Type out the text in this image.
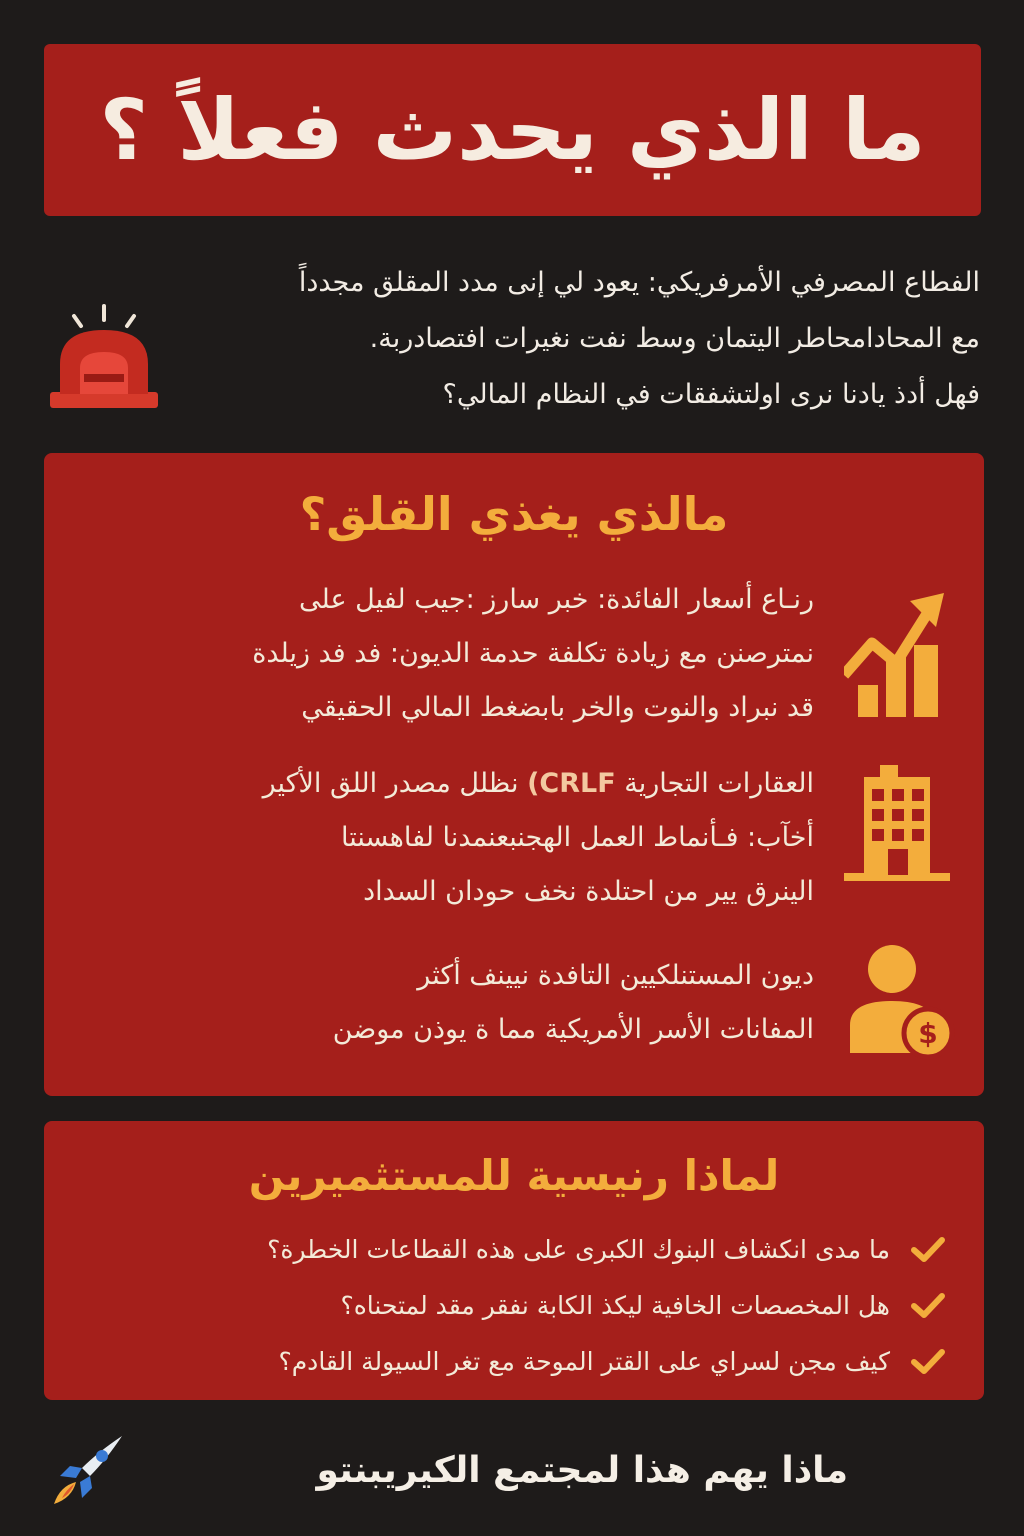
ما الذي يحدث فعلاً ؟

الفطاع المصرفي الأمرفريكي: يعود لي إنى مدد المقلق مجدداً

مع المحادامحاطر اليتمان وسط نفت نغيرات افتصادربة.

فهل أدذ يادنا نرى اولتشفقات في النظام المالي؟

مالذي يغذي القلق؟

رنـاع أسعار الفائدة: خبر سارز :جيب لفيل على

نمترصنن مع زيادة تكلفة حدمة الديون: فد فد زيلدة

قد نبراد والنوت والخر بابضغط المالي الحقيقي

العقارات التجارية (CRLF نظلل مصدر اللق الأكير

أخآب: فـأنماط العمل الهجنبعنمدنا لفاهسنتا

الينرق يير من احتلدة نخف حودان السداد

ديون المستنلكيين التافدة نيينف أكثر

المفانات الأسر الأمريكية مما ة يوذن موضن	$
لماذا رنيسية للمستثميرين
ما مدى انكشاف البنوك الكبرى على هذه القطاعات الخطرة؟
هل المخصصات الخافية ليكذ الكابة نفقر مقد لمتحناه؟
كيف مجن لسراي على القتر الموحة مع تغر السيولة القادم؟
ماذا يهم هذا لمجتمع الكيريبنتو
